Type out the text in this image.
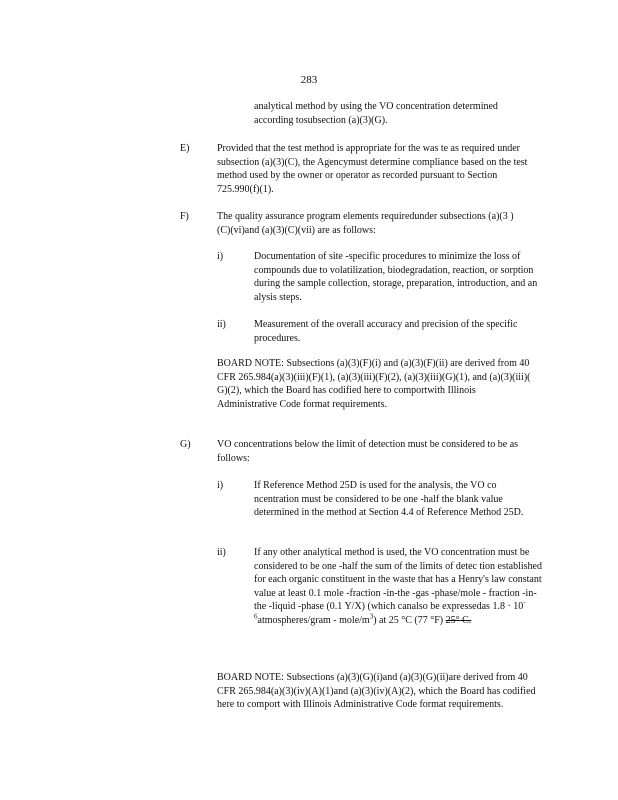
283

analytical method by using the VO concentration determined according tosubsection (a)(3)(G).

E)	Provided that the test method is appropriate for the was te as required under subsection (a)(3)(C), the Agencymust determine compliance based on the test method used by the owner or operator as recorded pursuant to Section 725.990(f)(1).

F)	The quality assurance program elements requiredunder subsections (a)(3 )(C)(vi)and (a)(3)(C)(vii) are as follows:

i)	Documentation of site -specific procedures to minimize the loss of compounds due to volatilization, biodegradation, reaction, or sorption during the sample collection, storage, preparation, introduction, and an alysis steps.

ii)	Measurement of the overall accuracy and precision of the specific procedures.

BOARD NOTE: Subsections (a)(3)(F)(i) and (a)(3)(F)(ii) are derived from 40 CFR 265.984(a)(3)(iii)(F)(1), (a)(3)(iii)(F)(2), (a)(3)(iii)(G)(1), and (a)(3)(iii)( G)(2), which the Board has codified here to comportwith Illinois Administrative Code format requirements.

G)	VO concentrations below the limit of detection must be considered to be as follows:

i)	If Reference Method 25D is used for the analysis, the VO co ncentration must be considered to be one -half the blank value determined in the method at Section 4.4 of Reference Method 25D.

ii)	If any other analytical method is used, the VO concentration must be considered to be one -half the sum of the limits of detec tion established for each organic constituent in the waste that has a Henry's law constant value at least 0.1 mole -fraction -in-the -gas -phase/mole - fraction -in-the -liquid -phase (0.1 Y/X) (which canalso be expressedas $1.8 \cdot 10^{-6}atmospheres$/gram - mole/$m^3$) at 25 °C (77 °F) 25° C.

BOARD NOTE: Subsections (a)(3)(G)(i)and (a)(3)(G)(ii)are derived from 40 CFR 265.984(a)(3)(iv)(A)(1)and (a)(3)(iv)(A)(2), which the Board has codified here to comport with Illinois Administrative Code format requirements.
